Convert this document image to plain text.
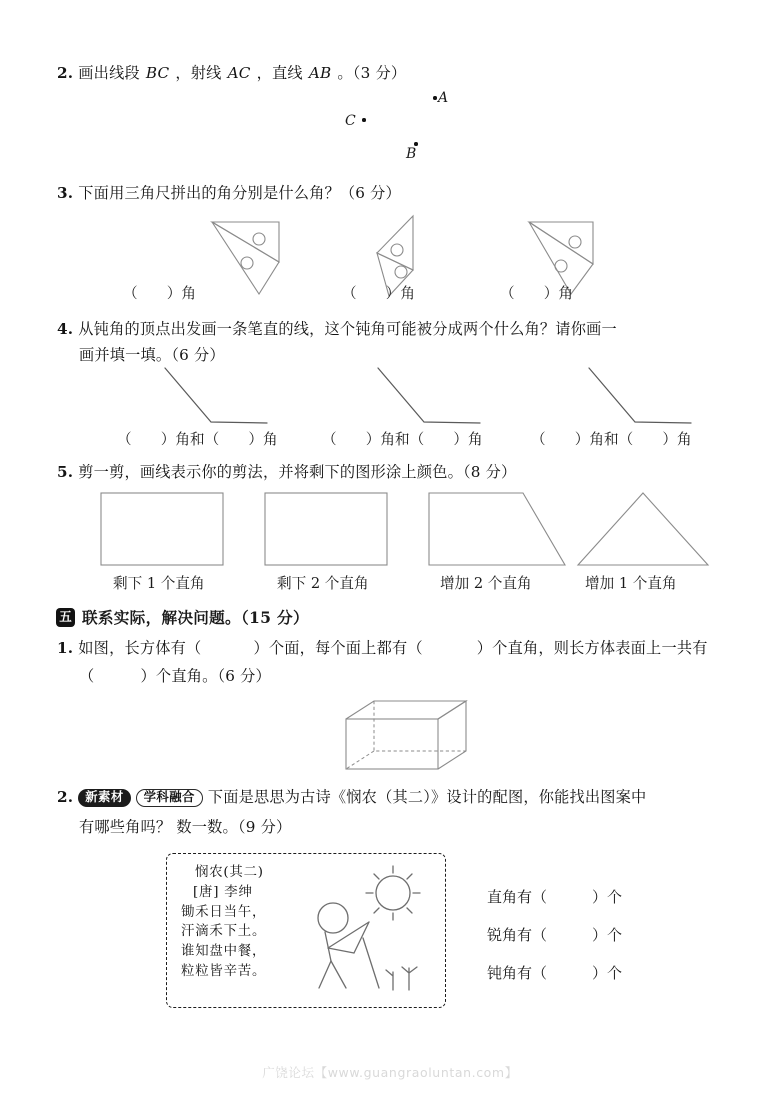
2. 画出线段 BC ，射线 AC ，直线 AB 。（3 分）
A
C
B
3. 下面用三角尺拼出的角分别是什么角？（6 分）
（　　）角	（　　）角	（　　）角
4. 从钝角的顶点出发画一条笔直的线，这个钝角可能被分成两个什么角？请你画一
画并填一填。（6 分）
（　　）角和（　　）角	（　　）角和（　　）角	（　　）角和（　　）角
5. 剪一剪，画线表示你的剪法，并将剩下的图形涂上颜色。（8 分）
剩下 1 个直角	剩下 2 个直角	增加 2 个直角	增加 1 个直角
五 联系实际，解决问题。（15 分）
1. 如图，长方体有（	）个面，每个面上都有（	）个直角，则长方体表面上一共有
（　　　）个直角。（6 分）
2. 新素材	学科融合 下面是思思为古诗《悯农（其二）》设计的配图，你能找出图案中
有哪些角吗？ 数一数。（9 分）
悯农(其二)
[唐] 李绅
锄禾日当午，
汗滴禾下土。
谁知盘中餐，
粒粒皆辛苦。
直角有（　　　）个
锐角有（　　　）个
钝角有（　　　）个
广饶论坛【www.guangraoluntan.com】
